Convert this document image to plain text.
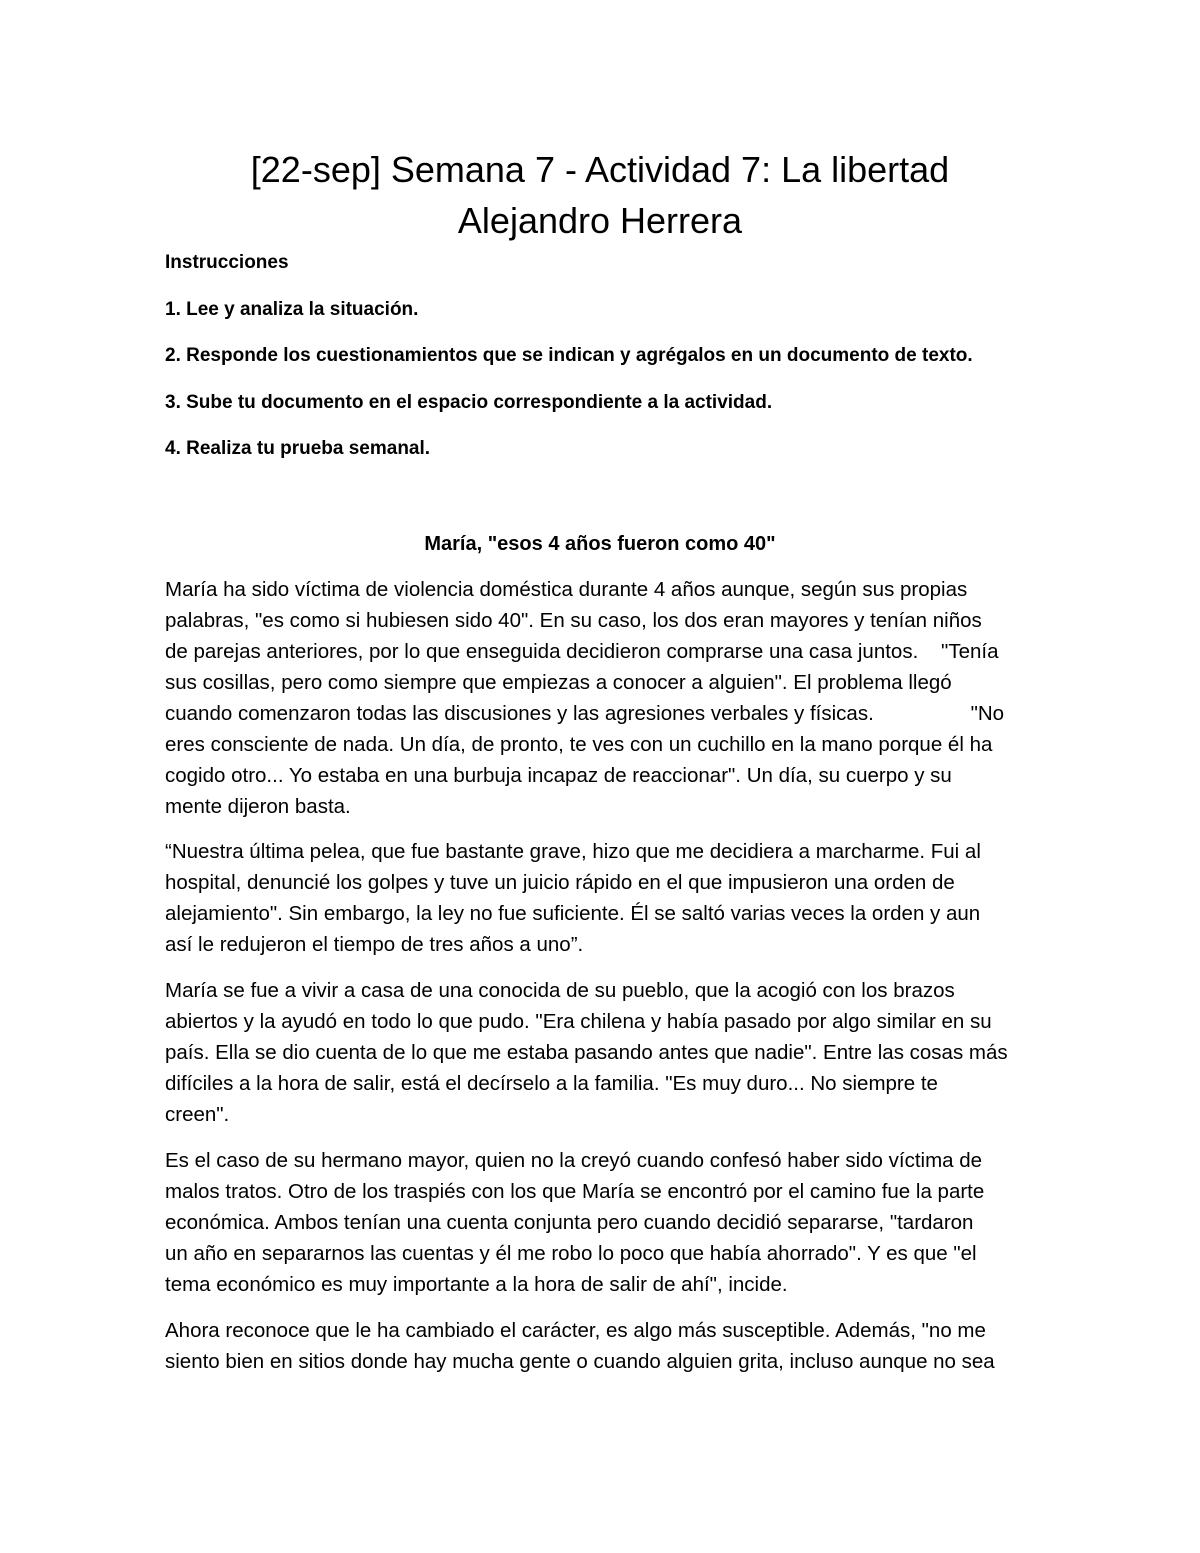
[22-sep] Semana 7 - Actividad 7: La libertad
Alejandro Herrera
Instrucciones
1. Lee y analiza la situación.
2. Responde los cuestionamientos que se indican y agrégalos en un documento de texto.
3. Sube tu documento en el espacio correspondiente a la actividad.
4. Realiza tu prueba semanal.
María, "esos 4 años fueron como 40"
María ha sido víctima de violencia doméstica durante 4 años aunque, según sus propias
palabras, "es como si hubiesen sido 40". En su caso, los dos eran mayores y tenían niños
de parejas anteriores, por lo que enseguida decidieron comprarse una casa juntos.    "Tenía
sus cosillas, pero como siempre que empiezas a conocer a alguien". El problema llegó
cuando comenzaron todas las discusiones y las agresiones verbales y físicas.                 "No
eres consciente de nada. Un día, de pronto, te ves con un cuchillo en la mano porque él ha
cogido otro... Yo estaba en una burbuja incapaz de reaccionar". Un día, su cuerpo y su
mente dijeron basta.
“Nuestra última pelea, que fue bastante grave, hizo que me decidiera a marcharme. Fui al
hospital, denuncié los golpes y tuve un juicio rápido en el que impusieron una orden de
alejamiento". Sin embargo, la ley no fue suficiente. Él se saltó varias veces la orden y aun
así le redujeron el tiempo de tres años a uno”.
María se fue a vivir a casa de una conocida de su pueblo, que la acogió con los brazos
abiertos y la ayudó en todo lo que pudo. "Era chilena y había pasado por algo similar en su
país. Ella se dio cuenta de lo que me estaba pasando antes que nadie". Entre las cosas más
difíciles a la hora de salir, está el decírselo a la familia. "Es muy duro... No siempre te
creen".
Es el caso de su hermano mayor, quien no la creyó cuando confesó haber sido víctima de
malos tratos. Otro de los traspiés con los que María se encontró por el camino fue la parte
económica. Ambos tenían una cuenta conjunta pero cuando decidió separarse, "tardaron
un año en separarnos las cuentas y él me robo lo poco que había ahorrado". Y es que "el
tema económico es muy importante a la hora de salir de ahí", incide.
Ahora reconoce que le ha cambiado el carácter, es algo más susceptible. Además, "no me
siento bien en sitios donde hay mucha gente o cuando alguien grita, incluso aunque no sea
